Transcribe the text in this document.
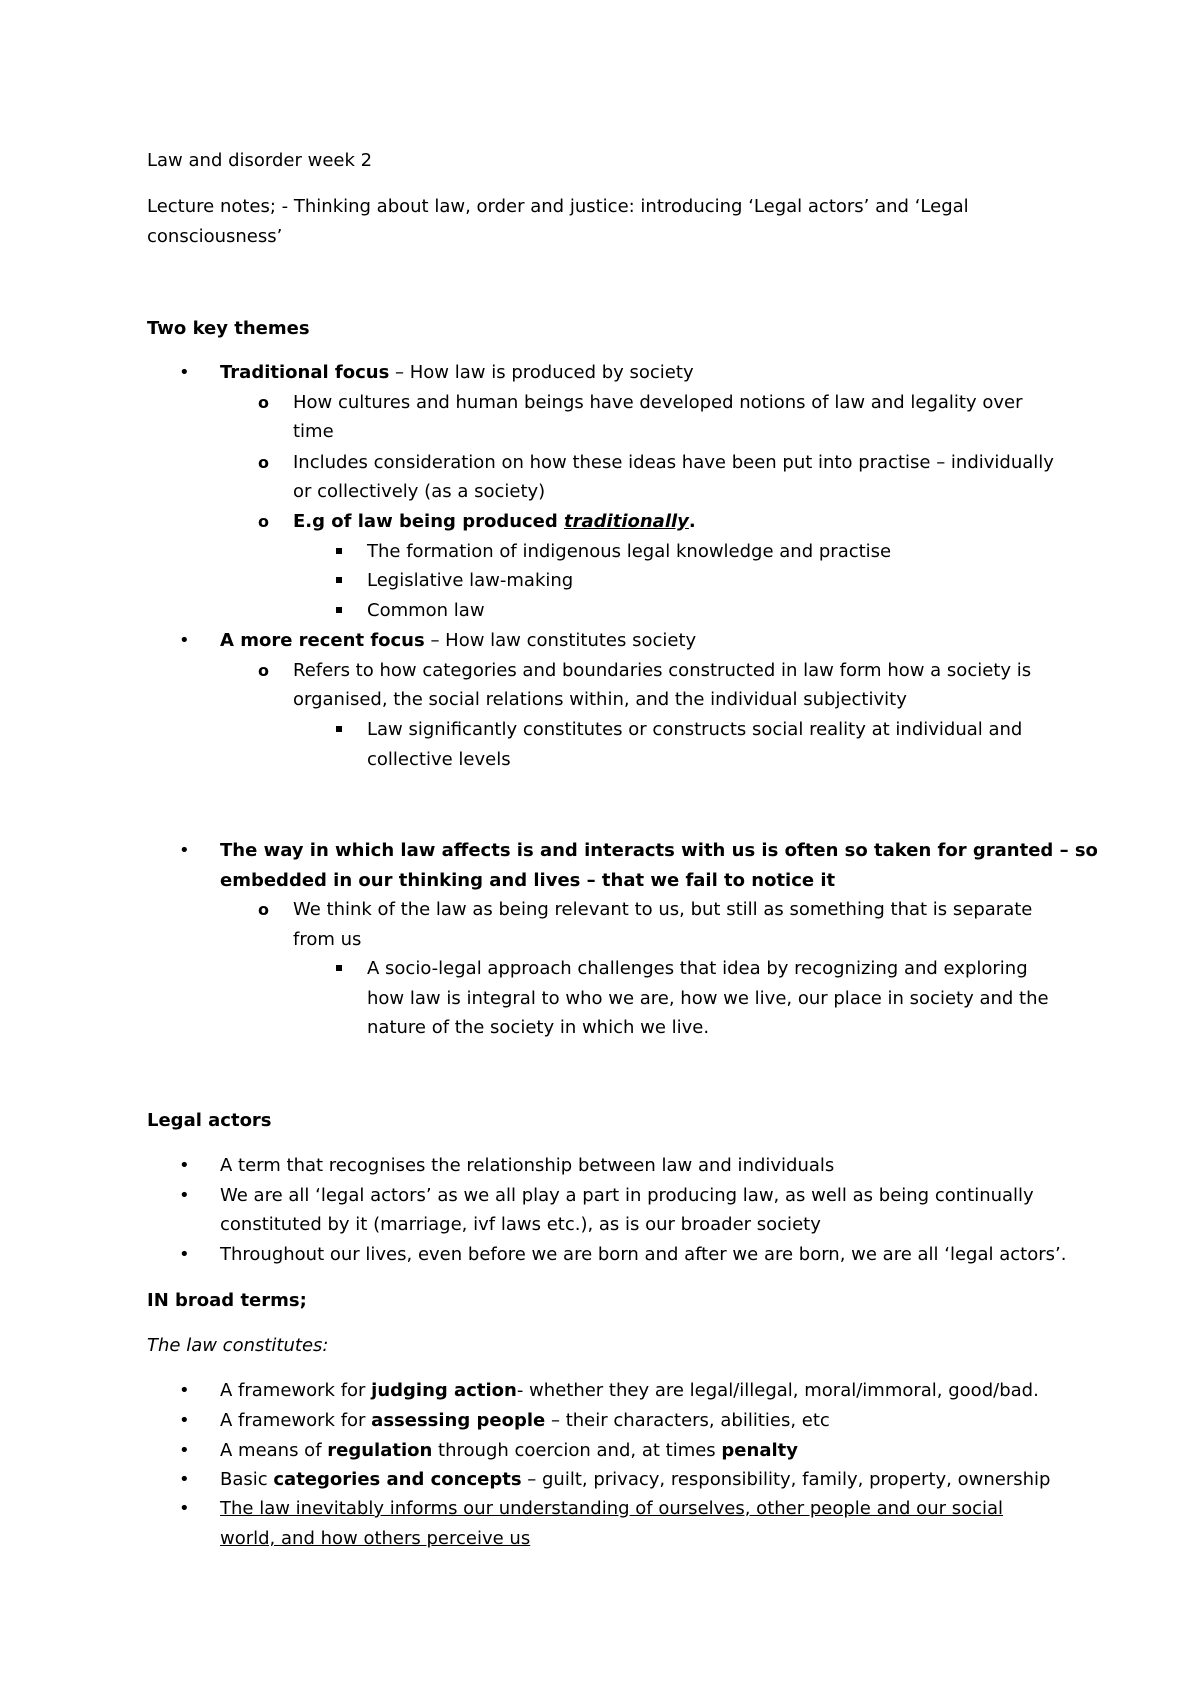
Law and disorder week 2
Lecture notes; - Thinking about law, order and justice: introducing ‘Legal actors’ and ‘Legal
consciousness’
Two key themes
• Traditional focus – How law is produced by society
o How cultures and human beings have developed notions of law and legality over
time
o Includes consideration on how these ideas have been put into practise – individually
or collectively (as a society)
o E.g of law being produced traditionally.
The formation of indigenous legal knowledge and practise
Legislative law-making
Common law
• A more recent focus – How law constitutes society
o Refers to how categories and boundaries constructed in law form how a society is
organised, the social relations within, and the individual subjectivity
Law significantly constitutes or constructs social reality at individual and
collective levels
• The way in which law affects is and interacts with us is often so taken for granted – so
embedded in our thinking and lives – that we fail to notice it
o We think of the law as being relevant to us, but still as something that is separate
from us
A socio-legal approach challenges that idea by recognizing and exploring
how law is integral to who we are, how we live, our place in society and the
nature of the society in which we live.
Legal actors
• A term that recognises the relationship between law and individuals
• We are all ‘legal actors’ as we all play a part in producing law, as well as being continually
constituted by it (marriage, ivf laws etc.), as is our broader society
• Throughout our lives, even before we are born and after we are born, we are all ‘legal actors’.
IN broad terms;
The law constitutes:
• A framework for judging action- whether they are legal/illegal, moral/immoral, good/bad.
• A framework for assessing people – their characters, abilities, etc
• A means of regulation through coercion and, at times penalty
• Basic categories and concepts – guilt, privacy, responsibility, family, property, ownership
• The law inevitably informs our understanding of ourselves, other people and our social
world, and how others perceive us
